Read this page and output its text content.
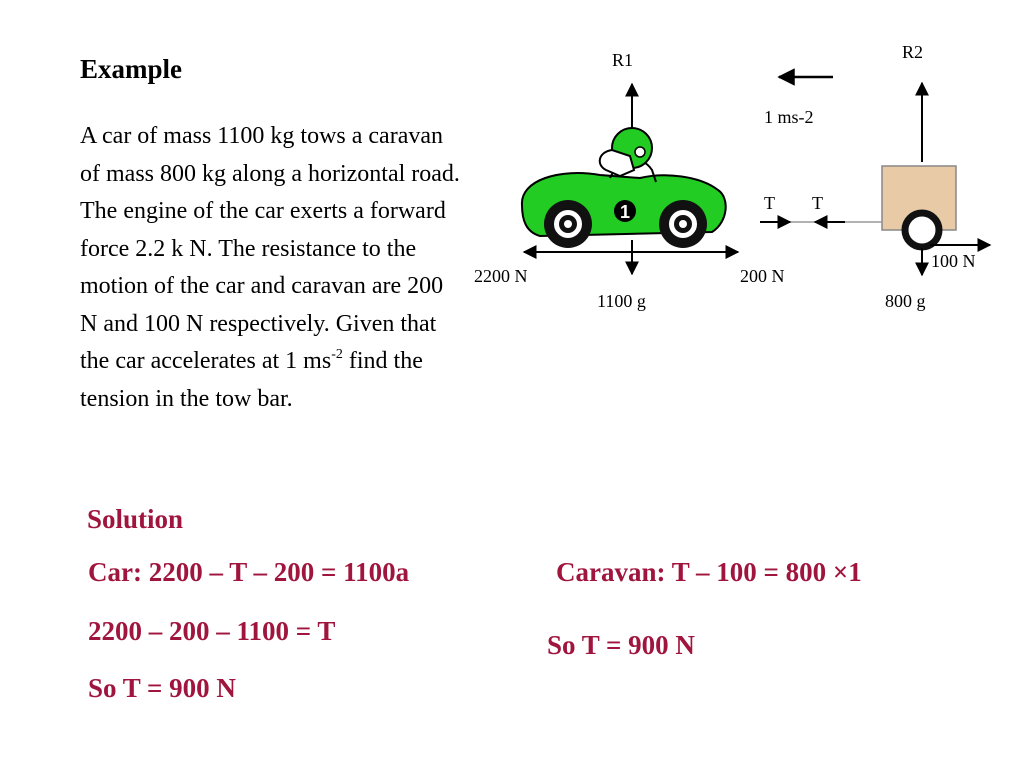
Example
A car of mass 1100 kg tows a caravan of mass 800 kg along a horizontal road. The engine of the car exerts a forward force 2.2 k N. The resistance to the motion of the car and caravan are 200 N and 100 N respectively. Given that the car accelerates at 1 $ms^{-2}$ find the tension in the tow bar.
1
R1	R2
1 ms-2
T T
2200 N	200 N
1100 g
100 N
800 g
Solution
Car: 2200 – T – 200 = 1100a	Caravan: T – 100 = 800 ×1
2200 – 200 – 1100 = T	So T = 900 N
So T = 900 N
